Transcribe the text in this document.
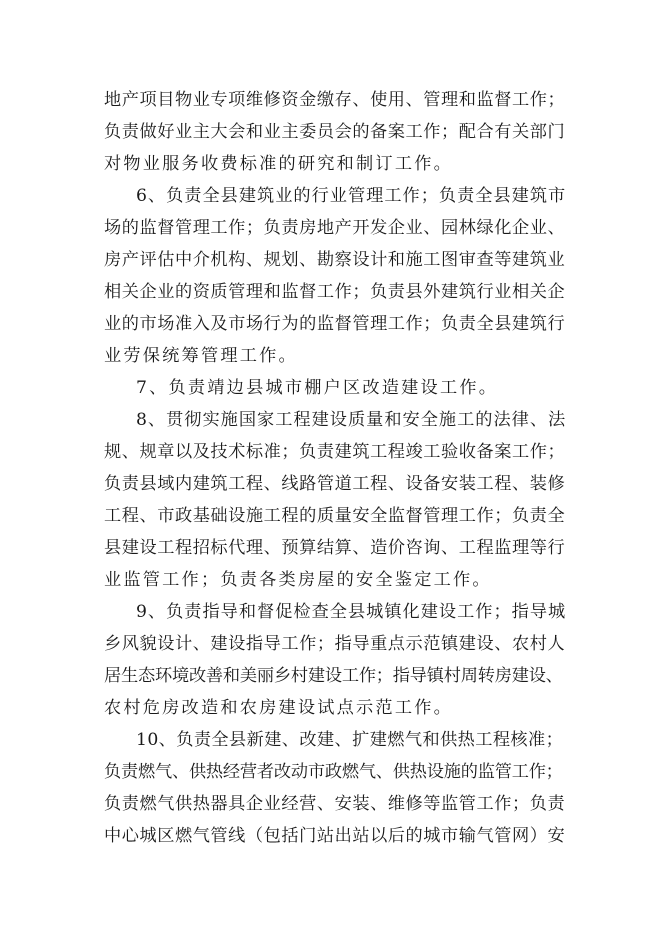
地产项目物业专项维修资金缴存、使用、管理和监督工作；
负责做好业主大会和业主委员会的备案工作；配合有关部门
对物业服务收费标准的研究和制订工作。
6、负责全县建筑业的行业管理工作；负责全县建筑市
场的监督管理工作；负责房地产开发企业、园林绿化企业、
房产评估中介机构、规划、勘察设计和施工图审查等建筑业
相关企业的资质管理和监督工作；负责县外建筑行业相关企
业的市场准入及市场行为的监督管理工作；负责全县建筑行
业劳保统筹管理工作。
7、负责靖边县城市棚户区改造建设工作。
8、贯彻实施国家工程建设质量和安全施工的法律、法
规、规章以及技术标准；负责建筑工程竣工验收备案工作；
负责县域内建筑工程、线路管道工程、设备安装工程、装修
工程、市政基础设施工程的质量安全监督管理工作；负责全
县建设工程招标代理、预算结算、造价咨询、工程监理等行
业监管工作；负责各类房屋的安全鉴定工作。
9、负责指导和督促检查全县城镇化建设工作；指导城
乡风貌设计、建设指导工作；指导重点示范镇建设、农村人
居生态环境改善和美丽乡村建设工作；指导镇村周转房建设、
农村危房改造和农房建设试点示范工作。
10、负责全县新建、改建、扩建燃气和供热工程核准；
负责燃气、供热经营者改动市政燃气、供热设施的监管工作；
负责燃气供热器具企业经营、安装、维修等监管工作；负责
中心城区燃气管线（包括门站出站以后的城市输气管网）安
